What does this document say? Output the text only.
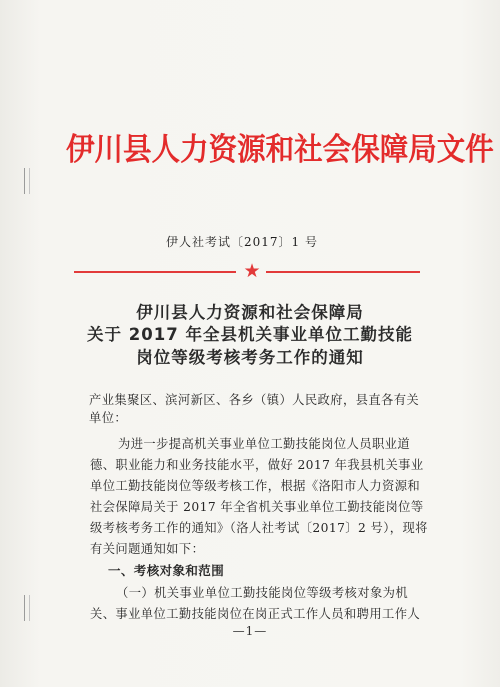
伊川县人力资源和社会保障局文件
伊人社考试〔2017〕1 号
★
伊川县人力资源和社会保障局
关于 2017 年全县机关事业单位工勤技能
岗位等级考核考务工作的通知
产业集聚区、滨河新区、各乡（镇）人民政府，县直各有关
单位：
为进一步提高机关事业单位工勤技能岗位人员职业道
德、职业能力和业务技能水平，做好 2017 年我县机关事业
单位工勤技能岗位等级考核工作，根据《洛阳市人力资源和
社会保障局关于 2017 年全省机关事业单位工勤技能岗位等
级考核考务工作的通知》（洛人社考试〔2017〕2 号），现将
有关问题通知如下：
一、考核对象和范围
（一）机关事业单位工勤技能岗位等级考核对象为机
关、事业单位工勤技能岗位在岗正式工作人员和聘用工作人
—1—
